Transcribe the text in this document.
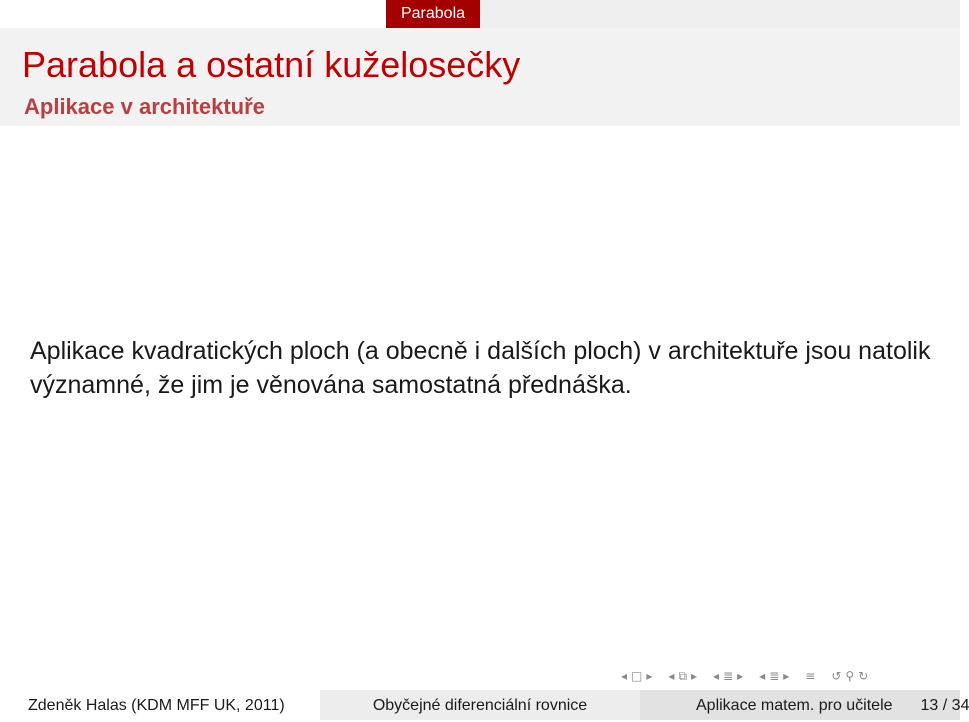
Parabola
Parabola a ostatní kuželosečky
Aplikace v architektuře

Aplikace kvadratických ploch (a obecně i dalších ploch) v architektuře jsou natolik významné, že jim je věnována samostatná přednáška.

◂ □ ▸ ◂ ⧉ ▸ ◂ ≣ ▸ ◂ ≣ ▸ ≡ ↺ ⚲ ↻
Zdeněk Halas (KDM MFF UK, 2011)	Obyčejné diferenciální rovnice	Aplikace matem. pro učitele 13 / 34
